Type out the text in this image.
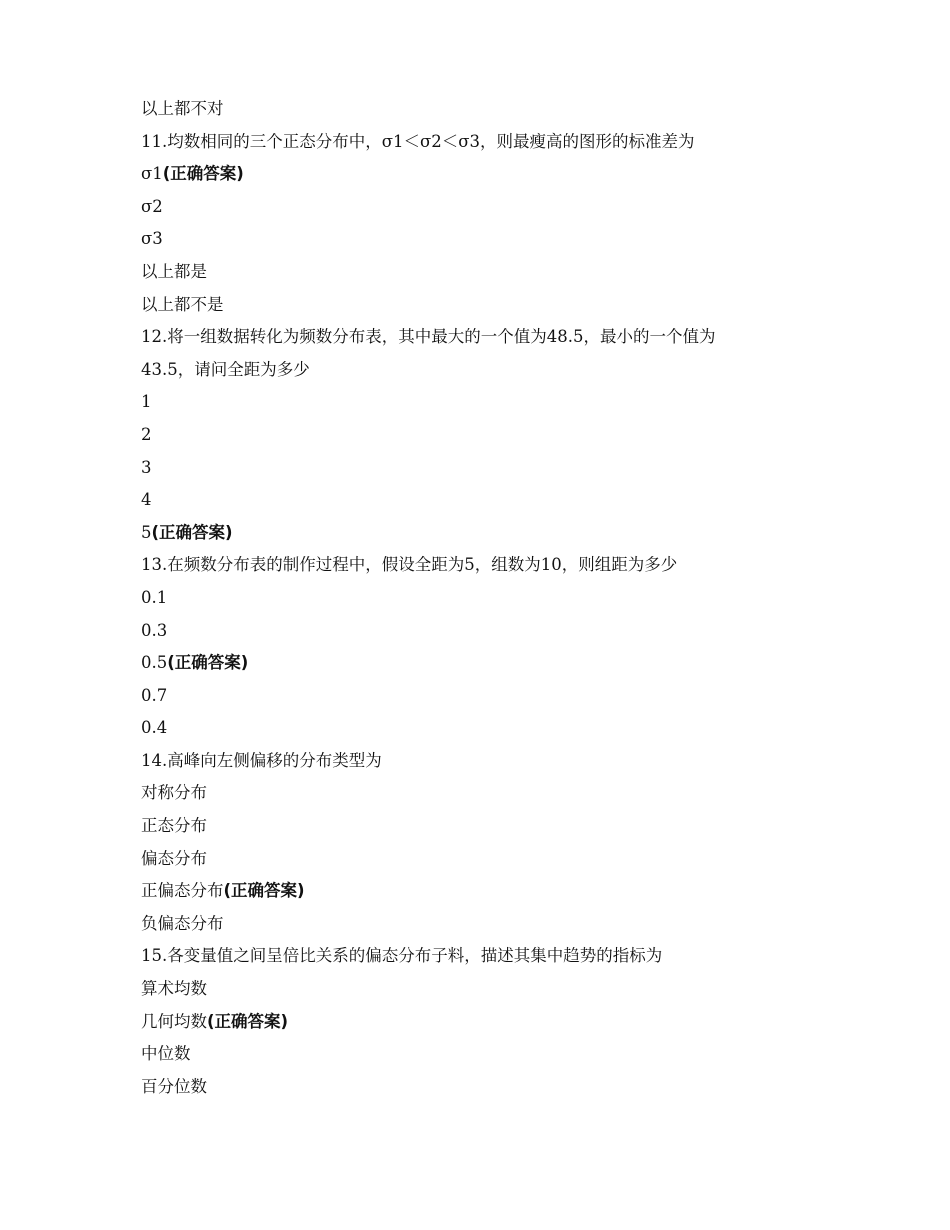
以上都不对
11.均数相同的三个正态分布中，σ1＜σ2＜σ3，则最瘦高的图形的标准差为
σ1(正确答案)
σ2
σ3
以上都是
以上都不是
12.将一组数据转化为频数分布表，其中最大的一个值为48.5，最小的一个值为
43.5，请问全距为多少
1
2
3
4
5(正确答案)
13.在频数分布表的制作过程中，假设全距为5，组数为10，则组距为多少
0.1
0.3
0.5(正确答案)
0.7
0.4
14.高峰向左侧偏移的分布类型为
对称分布
正态分布
偏态分布
正偏态分布(正确答案)
负偏态分布
15.各变量值之间呈倍比关系的偏态分布子料，描述其集中趋势的指标为
算术均数
几何均数(正确答案)
中位数
百分位数
